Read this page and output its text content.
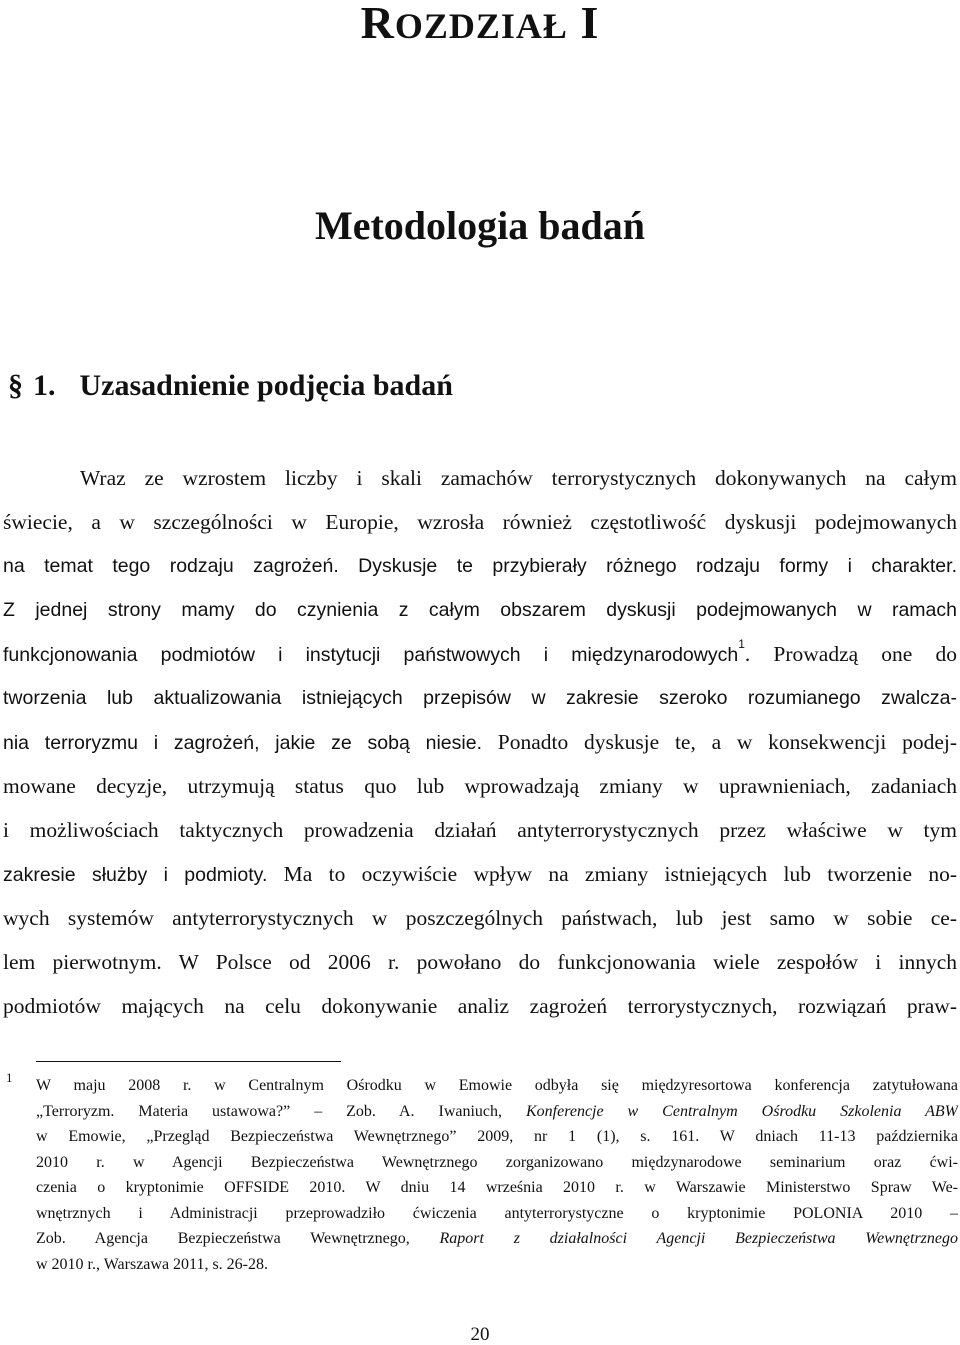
ROZDZIAŁ I
Metodologia badań
§ 1. Uzasadnienie podjęcia badań
Wraz ze wzrostem liczby i skali zamachów terrorystycznych dokonywanych na całym
świecie, a w szczególności w Europie, wzrosła również częstotliwość dyskusji podejmowanych
na temat tego rodzaju zagrożeń. Dyskusje te przybierały różnego rodzaju formy i charakter.
Z jednej strony mamy do czynienia z całym obszarem dyskusji podejmowanych w ramach
funkcjonowania podmiotów i instytucji państwowych i międzynarodowych$^1$. Prowadzą one do
tworzenia lub aktualizowania istniejących przepisów w zakresie szeroko rozumianego zwalcza-
nia terroryzmu i zagrożeń, jakie ze sobą niesie. Ponadto dyskusje te, a w konsekwencji podej-
mowane decyzje, utrzymują status quo lub wprowadzają zmiany w uprawnieniach, zadaniach
i możliwościach taktycznych prowadzenia działań antyterrorystycznych przez właściwe w tym
zakresie służby i podmioty. Ma to oczywiście wpływ na zmiany istniejących lub tworzenie no-
wych systemów antyterrorystycznych w poszczególnych państwach, lub jest samo w sobie ce-
lem pierwotnym. W Polsce od 2006 r. powołano do funkcjonowania wiele zespołów i innych
podmiotów mających na celu dokonywanie analiz zagrożeń terrorystycznych, rozwiązań praw-
1 W maju 2008 r. w Centralnym Ośrodku w Emowie odbyła się międzyresortowa konferencja zatytułowana
„Terroryzm. Materia ustawowa?” – Zob. A. Iwaniuch, Konferencje w Centralnym Ośrodku Szkolenia ABW
w Emowie, „Przegląd Bezpieczeństwa Wewnętrznego” 2009, nr 1 (1), s. 161. W dniach 11-13 października
2010 r. w Agencji Bezpieczeństwa Wewnętrznego zorganizowano międzynarodowe seminarium oraz ćwi-
czenia o kryptonimie OFFSIDE 2010. W dniu 14 września 2010 r. w Warszawie Ministerstwo Spraw We-
wnętrznych i Administracji przeprowadziło ćwiczenia antyterrorystyczne o kryptonimie POLONIA 2010 –
Zob. Agencja Bezpieczeństwa Wewnętrznego, Raport z działalności Agencji Bezpieczeństwa Wewnętrznego
w 2010 r., Warszawa 2011, s. 26-28.
20
